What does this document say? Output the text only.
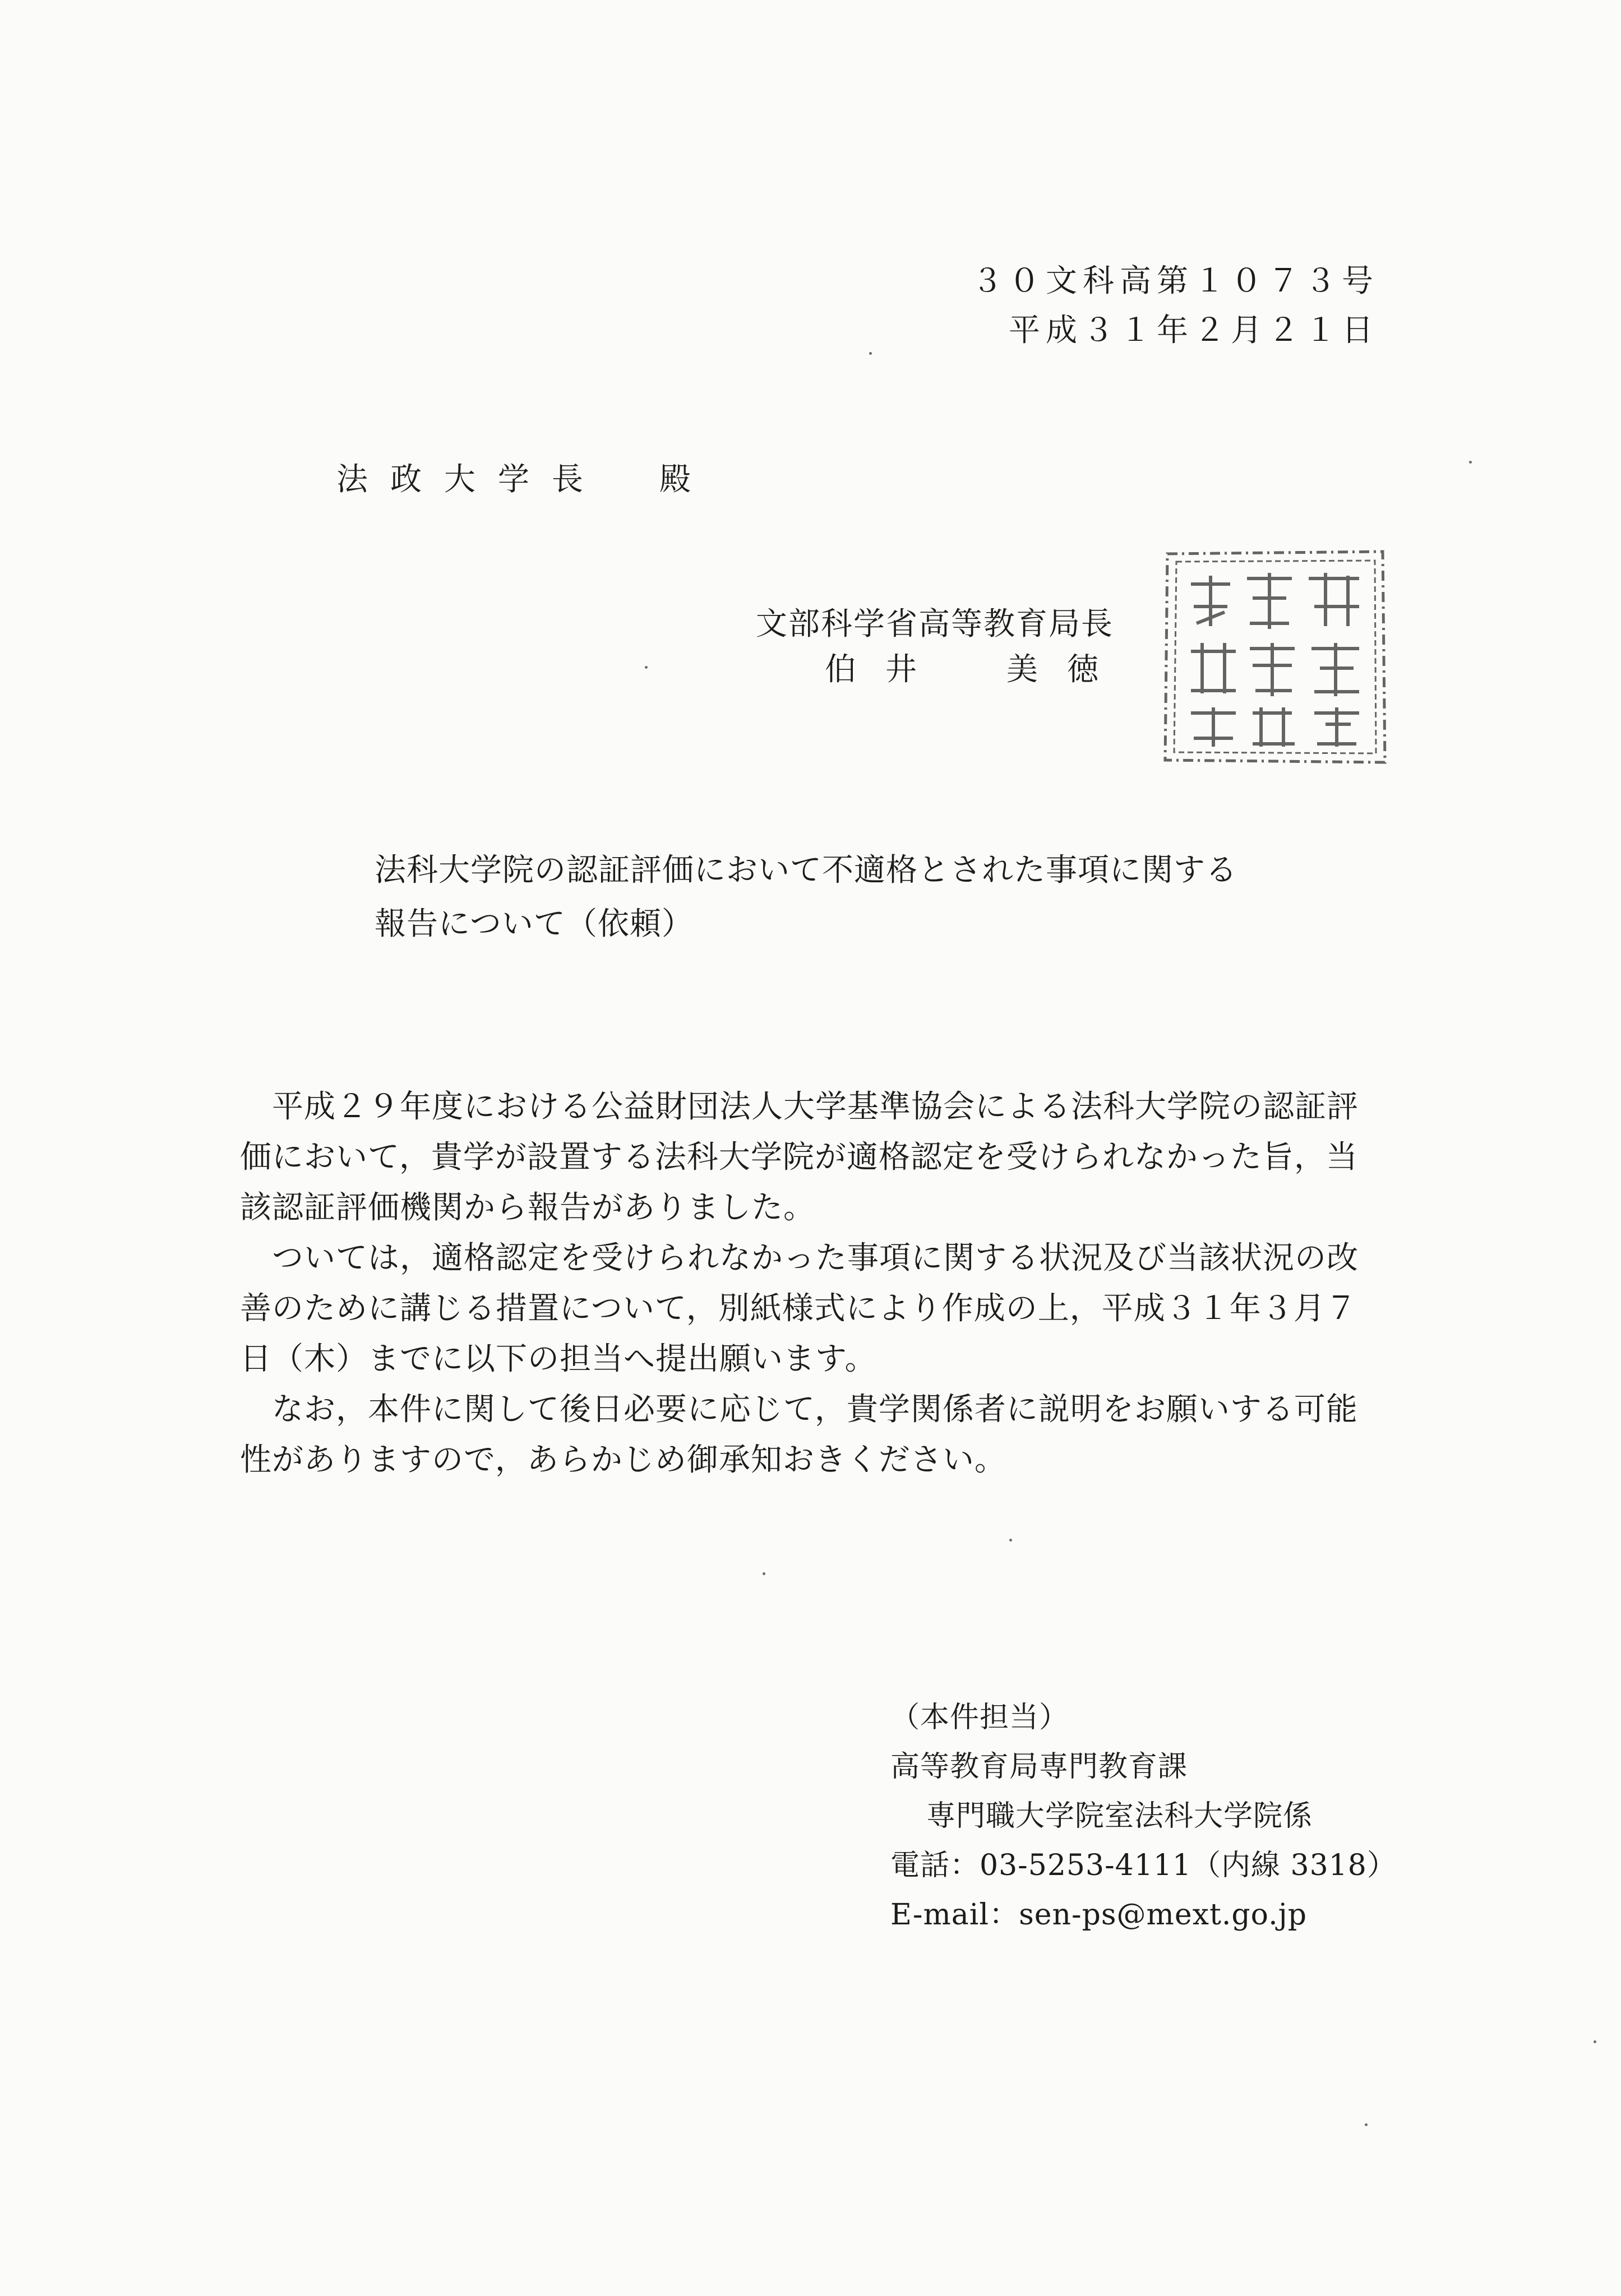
３０文科高第１０７３号
平成３１年２月２１日
法政大学長　殿
文部科学省高等教育局長
伯井　美徳
法科大学院の認証評価において不適格とされた事項に関する
報告について（依頼）
　平成２９年度における公益財団法人大学基準協会による法科大学院の認証評
価において，貴学が設置する法科大学院が適格認定を受けられなかった旨，当
該認証評価機関から報告がありました。
　ついては，適格認定を受けられなかった事項に関する状況及び当該状況の改
善のために講じる措置について，別紙様式により作成の上，平成３１年３月７
日（木）までに以下の担当へ提出願います。
　なお，本件に関して後日必要に応じて，貴学関係者に説明をお願いする可能
性がありますので，あらかじめ御承知おきください。
（本件担当）
高等教育局専門教育課
専門職大学院室法科大学院係
電話：03-5253-4111（内線 3318）
E-mail：sen-ps@mext.go.jp
